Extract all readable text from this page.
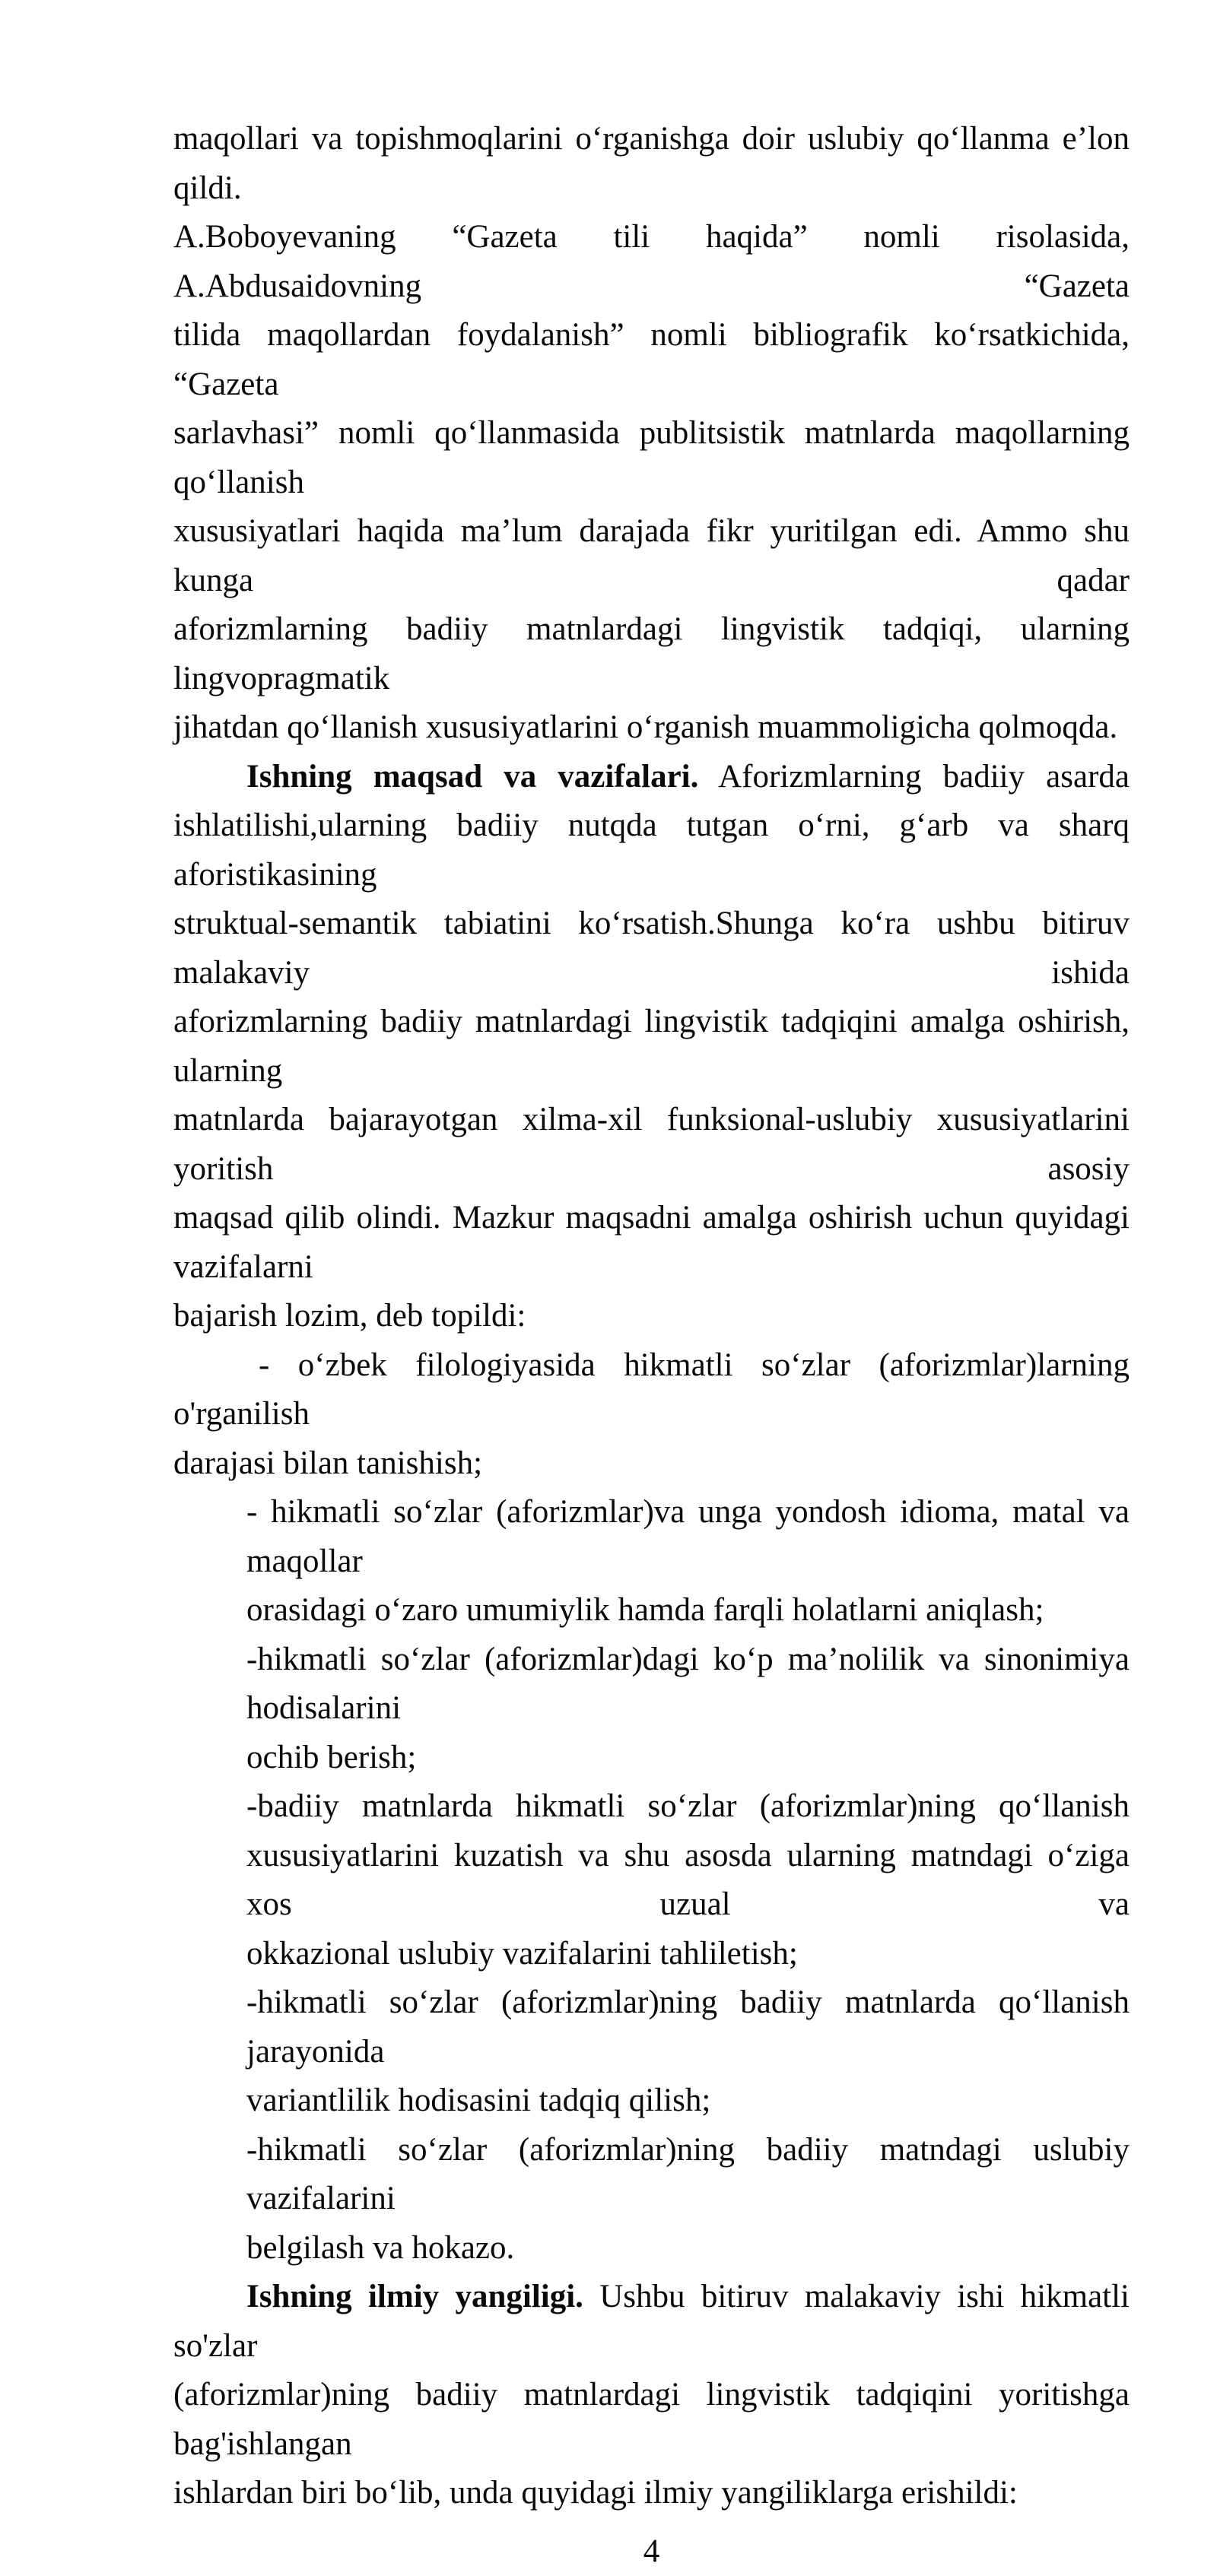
maqollari va topishmoqlarini o‘rganishga doir uslubiy qo‘llanma e’lon qildi.
A.Boboyevaning “Gazeta tili haqida” nomli risolasida, A.Abdusaidovning “Gazeta
tilida maqollardan foydalanish” nomli bibliografik ko‘rsatkichida, “Gazeta
sarlavhasi” nomli qo‘llanmasida publitsistik matnlarda maqollarning qo‘llanish
xususiyatlari haqida ma’lum darajada fikr yuritilgan edi. Ammo shu kunga qadar
aforizmlarning badiiy matnlardagi lingvistik tadqiqi, ularning lingvopragmatik
jihatdan qo‘llanish xususiyatlarini o‘rganish muammoligicha qolmoqda.
Ishning maqsad va vazifalari. Aforizmlarning badiiy asarda
ishlatilishi,ularning badiiy nutqda tutgan o‘rni, g‘arb va sharq aforistikasining
struktual-semantik tabiatini ko‘rsatish.Shunga ko‘ra ushbu bitiruv malakaviy ishida
aforizmlarning badiiy matnlardagi lingvistik tadqiqini amalga oshirish, ularning
matnlarda bajarayotgan xilma-xil funksional-uslubiy xususiyatlarini yoritish asosiy
maqsad qilib olindi. Mazkur maqsadni amalga oshirish uchun quyidagi vazifalarni
bajarish lozim, deb topildi:
- o‘zbek filologiyasida hikmatli so‘zlar (aforizmlar)larning o'rganilish
darajasi bilan tanishish;
- hikmatli so‘zlar (aforizmlar)va unga yondosh idioma, matal va maqollar
orasidagi o‘zaro umumiylik hamda farqli holatlarni aniqlash;
-hikmatli so‘zlar (aforizmlar)dagi ko‘p ma’nolilik va sinonimiya hodisalarini
ochib berish;
-badiiy matnlarda hikmatli so‘zlar (aforizmlar)ning qo‘llanish
xususiyatlarini kuzatish va shu asosda ularning matndagi o‘ziga xos uzual va
okkazional uslubiy vazifalarini tahliletish;
-hikmatli so‘zlar (aforizmlar)ning badiiy matnlarda qo‘llanish jarayonida
variantlilik hodisasini tadqiq qilish;
-hikmatli so‘zlar (aforizmlar)ning badiiy matndagi uslubiy vazifalarini
belgilash va hokazo.
Ishning ilmiy yangiligi. Ushbu bitiruv malakaviy ishi hikmatli so'zlar
(aforizmlar)ning badiiy matnlardagi lingvistik tadqiqini yoritishga bag'ishlangan
ishlardan biri bo‘lib, unda quyidagi ilmiy yangiliklarga erishildi:
4
